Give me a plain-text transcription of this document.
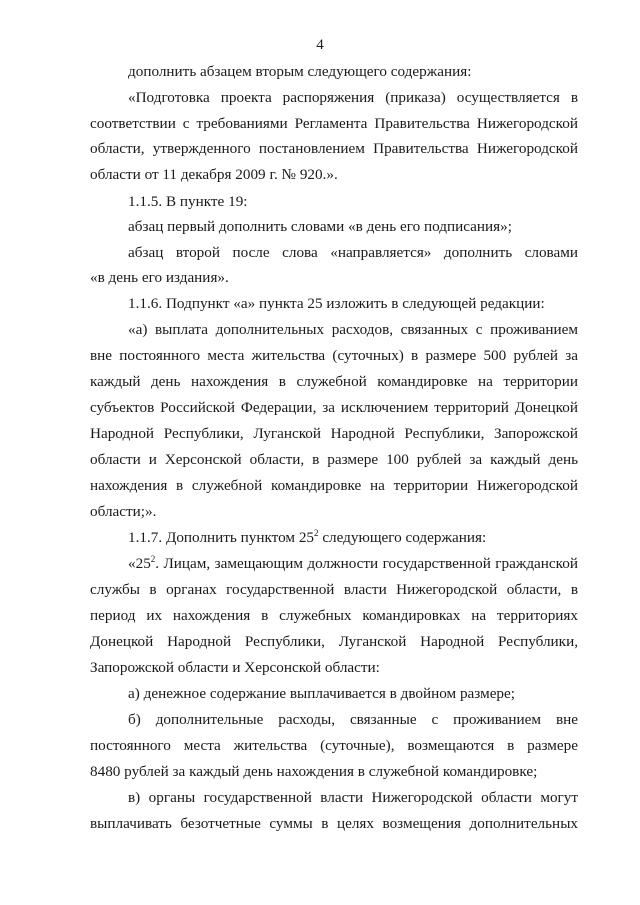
4
дополнить абзацем вторым следующего содержания:
«Подготовка проекта распоряжения (приказа) осуществляется в
соответствии с требованиями Регламента Правительства Нижегородской
области, утвержденного постановлением Правительства Нижегородской
области от 11 декабря 2009 г. № 920.».
1.1.5. В пункте 19:
абзац первый дополнить словами «в день его подписания»;
абзац второй после слова «направляется» дополнить словами
«в день его издания».
1.1.6. Подпункт «а» пункта 25 изложить в следующей редакции:
«а) выплата дополнительных расходов, связанных с проживанием
вне постоянного места жительства (суточных) в размере 500 рублей за
каждый день нахождения в служебной командировке на территории
субъектов Российской Федерации, за исключением территорий Донецкой
Народной Республики, Луганской Народной Республики, Запорожской
области и Херсонской области, в размере 100 рублей за каждый день
нахождения в служебной командировке на территории Нижегородской
области;».
1.1.7. Дополнить пунктом $25^2$ следующего содержания:
«$25^2$. Лицам, замещающим должности государственной гражданской
службы в органах государственной власти Нижегородской области, в
период их нахождения в служебных командировках на территориях
Донецкой Народной Республики, Луганской Народной Республики,
Запорожской области и Херсонской области:
а) денежное содержание выплачивается в двойном размере;
б) дополнительные расходы, связанные с проживанием вне
постоянного места жительства (суточные), возмещаются в размере
8480 рублей за каждый день нахождения в служебной командировке;
в) органы государственной власти Нижегородской области могут
выплачивать безотчетные суммы в целях возмещения дополнительных
